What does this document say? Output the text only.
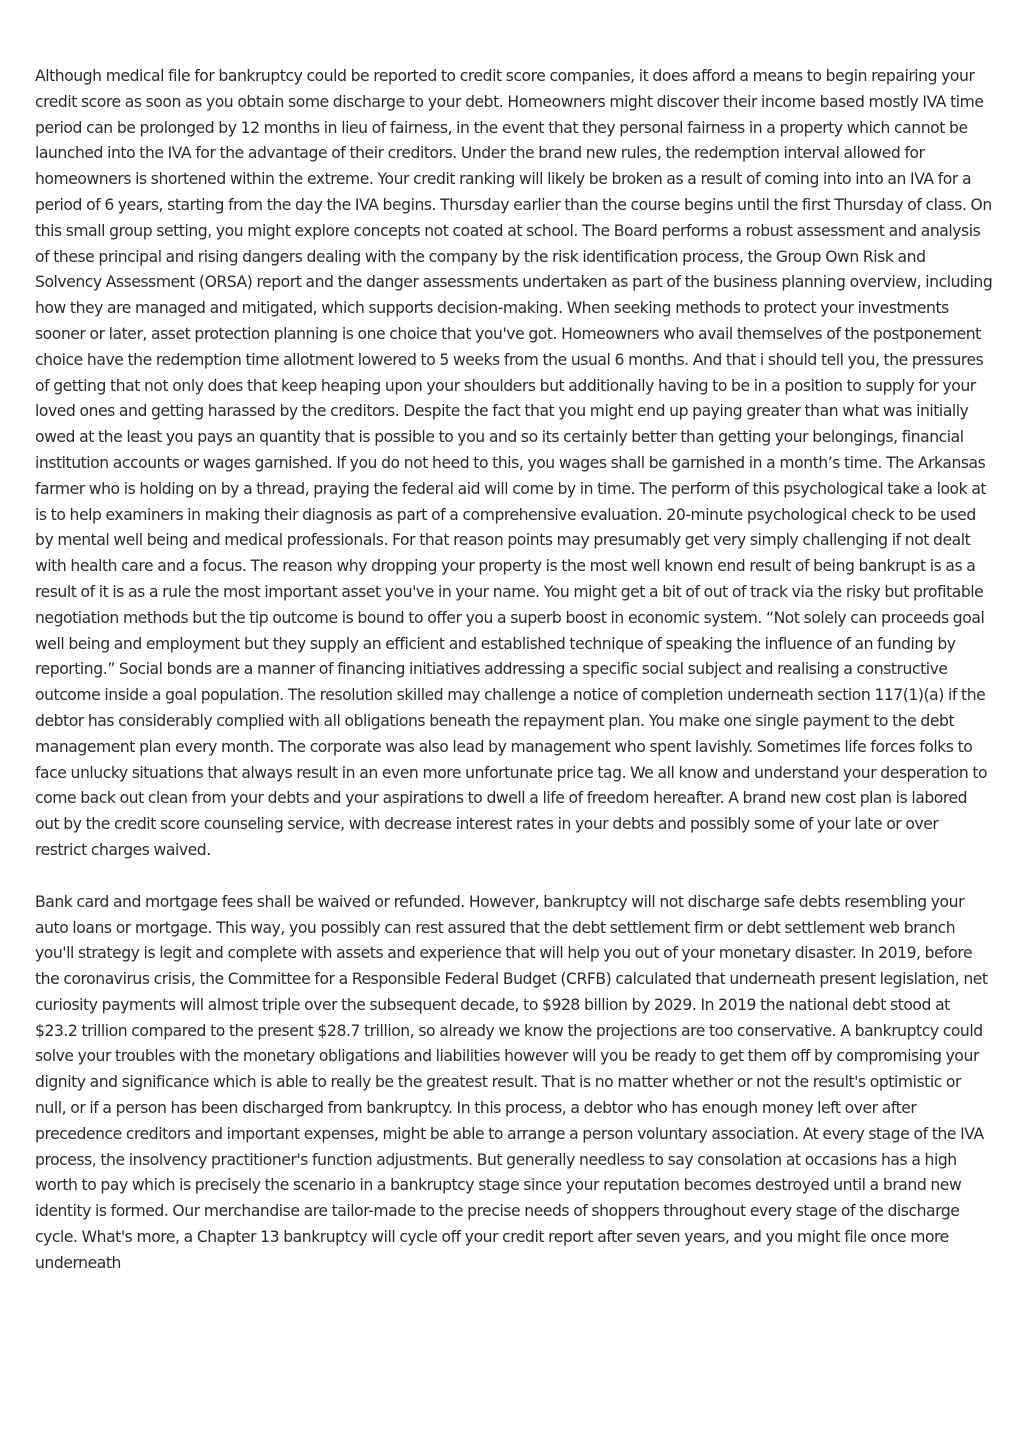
Although medical file for bankruptcy could be reported to credit score companies, it does afford a means to begin repairing your credit score as soon as you obtain some discharge to your debt. Homeowners might discover their income based mostly IVA time period can be prolonged by 12 months in lieu of fairness, in the event that they personal fairness in a property which cannot be launched into the IVA for the advantage of their creditors. Under the brand new rules, the redemption interval allowed for homeowners is shortened within the extreme. Your credit ranking will likely be broken as a result of coming into into an IVA for a period of 6 years, starting from the day the IVA begins. Thursday earlier than the course begins until the first Thursday of class. On this small group setting, you might explore concepts not coated at school. The Board performs a robust assessment and analysis of these principal and rising dangers dealing with the company by the risk identification process, the Group Own Risk and Solvency Assessment (ORSA) report and the danger assessments undertaken as part of the business planning overview, including how they are managed and mitigated, which supports decision-making. When seeking methods to protect your investments sooner or later, asset protection planning is one choice that you've got. Homeowners who avail themselves of the postponement choice have the redemption time allotment lowered to 5 weeks from the usual 6 months. And that i should tell you, the pressures of getting that not only does that keep heaping upon your shoulders but additionally having to be in a position to supply for your loved ones and getting harassed by the creditors. Despite the fact that you might end up paying greater than what was initially owed at the least you pays an quantity that is possible to you and so its certainly better than getting your belongings, financial institution accounts or wages garnished. If you do not heed to this, you wages shall be garnished in a month’s time. The Arkansas farmer who is holding on by a thread, praying the federal aid will come by in time. The perform of this psychological take a look at is to help examiners in making their diagnosis as part of a comprehensive evaluation. 20-minute psychological check to be used by mental well being and medical professionals. For that reason points may presumably get very simply challenging if not dealt with health care and a focus. The reason why dropping your property is the most well known end result of being bankrupt is as a result of it is as a rule the most important asset you've in your name. You might get a bit of out of track via the risky but profitable negotiation methods but the tip outcome is bound to offer you a superb boost in economic system. “Not solely can proceeds goal well being and employment but they supply an efficient and established technique of speaking the influence of an funding by reporting.” Social bonds are a manner of financing initiatives addressing a specific social subject and realising a constructive outcome inside a goal population. The resolution skilled may challenge a notice of completion underneath section 117(1)(a) if the debtor has considerably complied with all obligations beneath the repayment plan. You make one single payment to the debt management plan every month. The corporate was also lead by management who spent lavishly. Sometimes life forces folks to face unlucky situations that always result in an even more unfortunate price tag. We all know and understand your desperation to come back out clean from your debts and your aspirations to dwell a life of freedom hereafter. A brand new cost plan is labored out by the credit score counseling service, with decrease interest rates in your debts and possibly some of your late or over restrict charges waived.

Bank card and mortgage fees shall be waived or refunded. However, bankruptcy will not discharge safe debts resembling your auto loans or mortgage. This way, you possibly can rest assured that the debt settlement firm or debt settlement web branch you'll strategy is legit and complete with assets and experience that will help you out of your monetary disaster. In 2019, before the coronavirus crisis, the Committee for a Responsible Federal Budget (CRFB) calculated that underneath present legislation, net curiosity payments will almost triple over the subsequent decade, to $928 billion by 2029. In 2019 the national debt stood at $23.2 trillion compared to the present $28.7 trillion, so already we know the projections are too conservative. A bankruptcy could solve your troubles with the monetary obligations and liabilities however will you be ready to get them off by compromising your dignity and significance which is able to really be the greatest result. That is no matter whether or not the result's optimistic or null, or if a person has been discharged from bankruptcy. In this process, a debtor who has enough money left over after precedence creditors and important expenses, might be able to arrange a person voluntary association. At every stage of the IVA process, the insolvency practitioner's function adjustments. But generally needless to say consolation at occasions has a high worth to pay which is precisely the scenario in a bankruptcy stage since your reputation becomes destroyed until a brand new identity is formed. Our merchandise are tailor-made to the precise needs of shoppers throughout every stage of the discharge cycle. What's more, a Chapter 13 bankruptcy will cycle off your credit report after seven years, and you might file once more underneath
